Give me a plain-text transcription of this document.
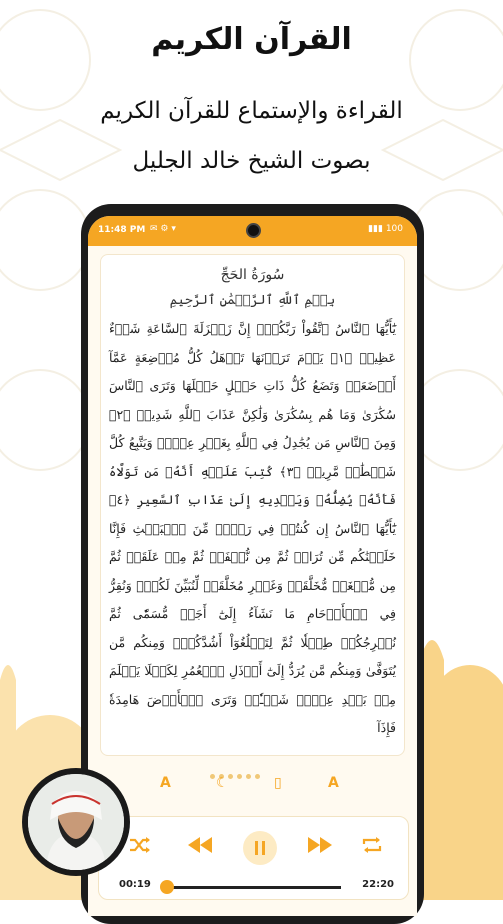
القرآن الكريم
القراءة والإستماع للقرآن الكريم
بصوت الشيخ خالد الجليل
11:48 PM ✉ ⚙ ▾	▮▮▮ 100
سُورَةُ الحَجِّ
بِسۡمِ ٱللَّهِ ٱلرَّحۡمَٰنِ ٱلرَّحِيمِ
يَٰٓأَيُّهَا ٱلنَّاسُ ٱتَّقُواْ رَبَّكُمۡۚ إِنَّ زَلۡزَلَةَ ٱلسَّاعَةِ شَيۡءٌ عَظِيمٞ ﴿١﴾ يَوۡمَ تَرَوۡنَهَا تَذۡهَلُ كُلُّ مُرۡضِعَةٍ عَمَّآ أَرۡضَعَتۡ وَتَضَعُ كُلُّ ذَاتِ حَمۡلٍ حَمۡلَهَا وَتَرَى ٱلنَّاسَ سُكَٰرَىٰ وَمَا هُم بِسُكَٰرَىٰ وَلَٰكِنَّ عَذَابَ ٱللَّهِ شَدِيدٞ ﴿٢﴾ وَمِنَ ٱلنَّاسِ مَن يُجَٰدِلُ فِي ٱللَّهِ بِغَيۡرِ عِلۡمٖ وَيَتَّبِعُ كُلَّ شَيۡطَٰنٖ مَّرِيدٖ ﴿٣﴾ كُتِبَ عَلَيۡهِ أَنَّهُۥ مَن تَوَلَّاهُ فَأَنَّهُۥ يُضِلُّهُۥ وَيَهۡدِيهِ إِلَىٰ عَذَابِ ٱلسَّعِيرِ ﴿٤﴾ يَٰٓأَيُّهَا ٱلنَّاسُ إِن كُنتُمۡ فِي رَيۡبٖ مِّنَ ٱلۡبَعۡثِ فَإِنَّا خَلَقۡنَٰكُم مِّن تُرَابٖ ثُمَّ مِن نُّطۡفَةٖ ثُمَّ مِنۡ عَلَقَةٖ ثُمَّ مِن مُّضۡغَةٖ مُّخَلَّقَةٖ وَغَيۡرِ مُخَلَّقَةٖ لِّنُبَيِّنَ لَكُمۡۚ وَنُقِرُّ فِي ٱلۡأَرۡحَامِ مَا نَشَآءُ إِلَىٰٓ أَجَلٖ مُّسَمّٗى ثُمَّ نُخۡرِجُكُمۡ طِفۡلٗا ثُمَّ لِتَبۡلُغُوٓاْ أَشُدَّكُمۡۖ وَمِنكُم مَّن يُتَوَفَّىٰ وَمِنكُم مَّن يُرَدُّ إِلَىٰٓ أَرۡذَلِ ٱلۡعُمُرِ لِكَيۡلَا يَعۡلَمَ مِنۢ بَعۡدِ عِلۡمٖ شَيۡـٔٗاۚ وَتَرَى ٱلۡأَرۡضَ هَامِدَةٗ فَإِذَآ
A	☾	▯	A
00:19	22:20
